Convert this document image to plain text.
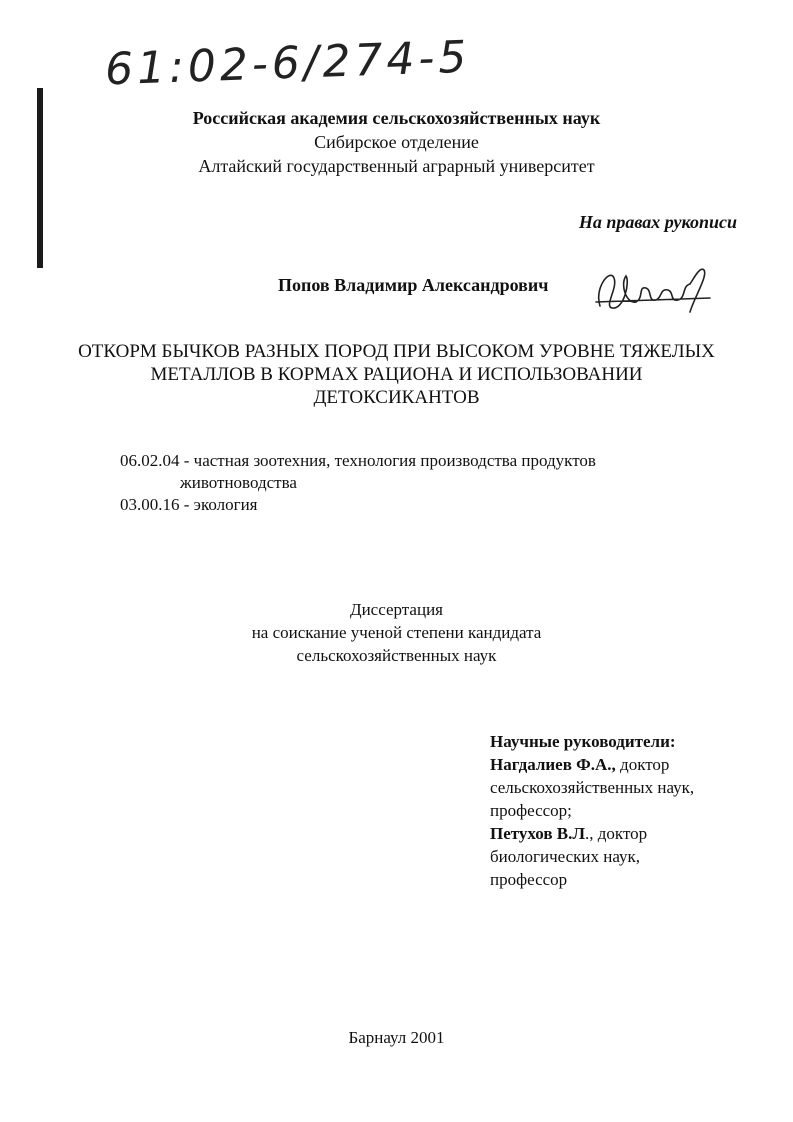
61:02-6/274-5
Российская академия сельскохозяйственных наук
Сибирское отделение
Алтайский государственный аграрный университет
На правах рукописи
Попов Владимир Александрович
ОТКОРМ БЫЧКОВ РАЗНЫХ ПОРОД ПРИ ВЫСОКОМ УРОВНЕ ТЯЖЕЛЫХ
МЕТАЛЛОВ В КОРМАХ РАЦИОНА И ИСПОЛЬЗОВАНИИ
ДЕТОКСИКАНТОВ
06.02.04 - частная зоотехния, технология производства продуктов
животноводства
03.00.16 - экология
Диссертация
на соискание ученой степени кандидата
сельскохозяйственных наук
Научные руководители:
Нагдалиев Ф.А., доктор
сельскохозяйственных наук,
профессор;
Петухов В.Л., доктор
биологических наук,
профессор
Барнаул 2001
